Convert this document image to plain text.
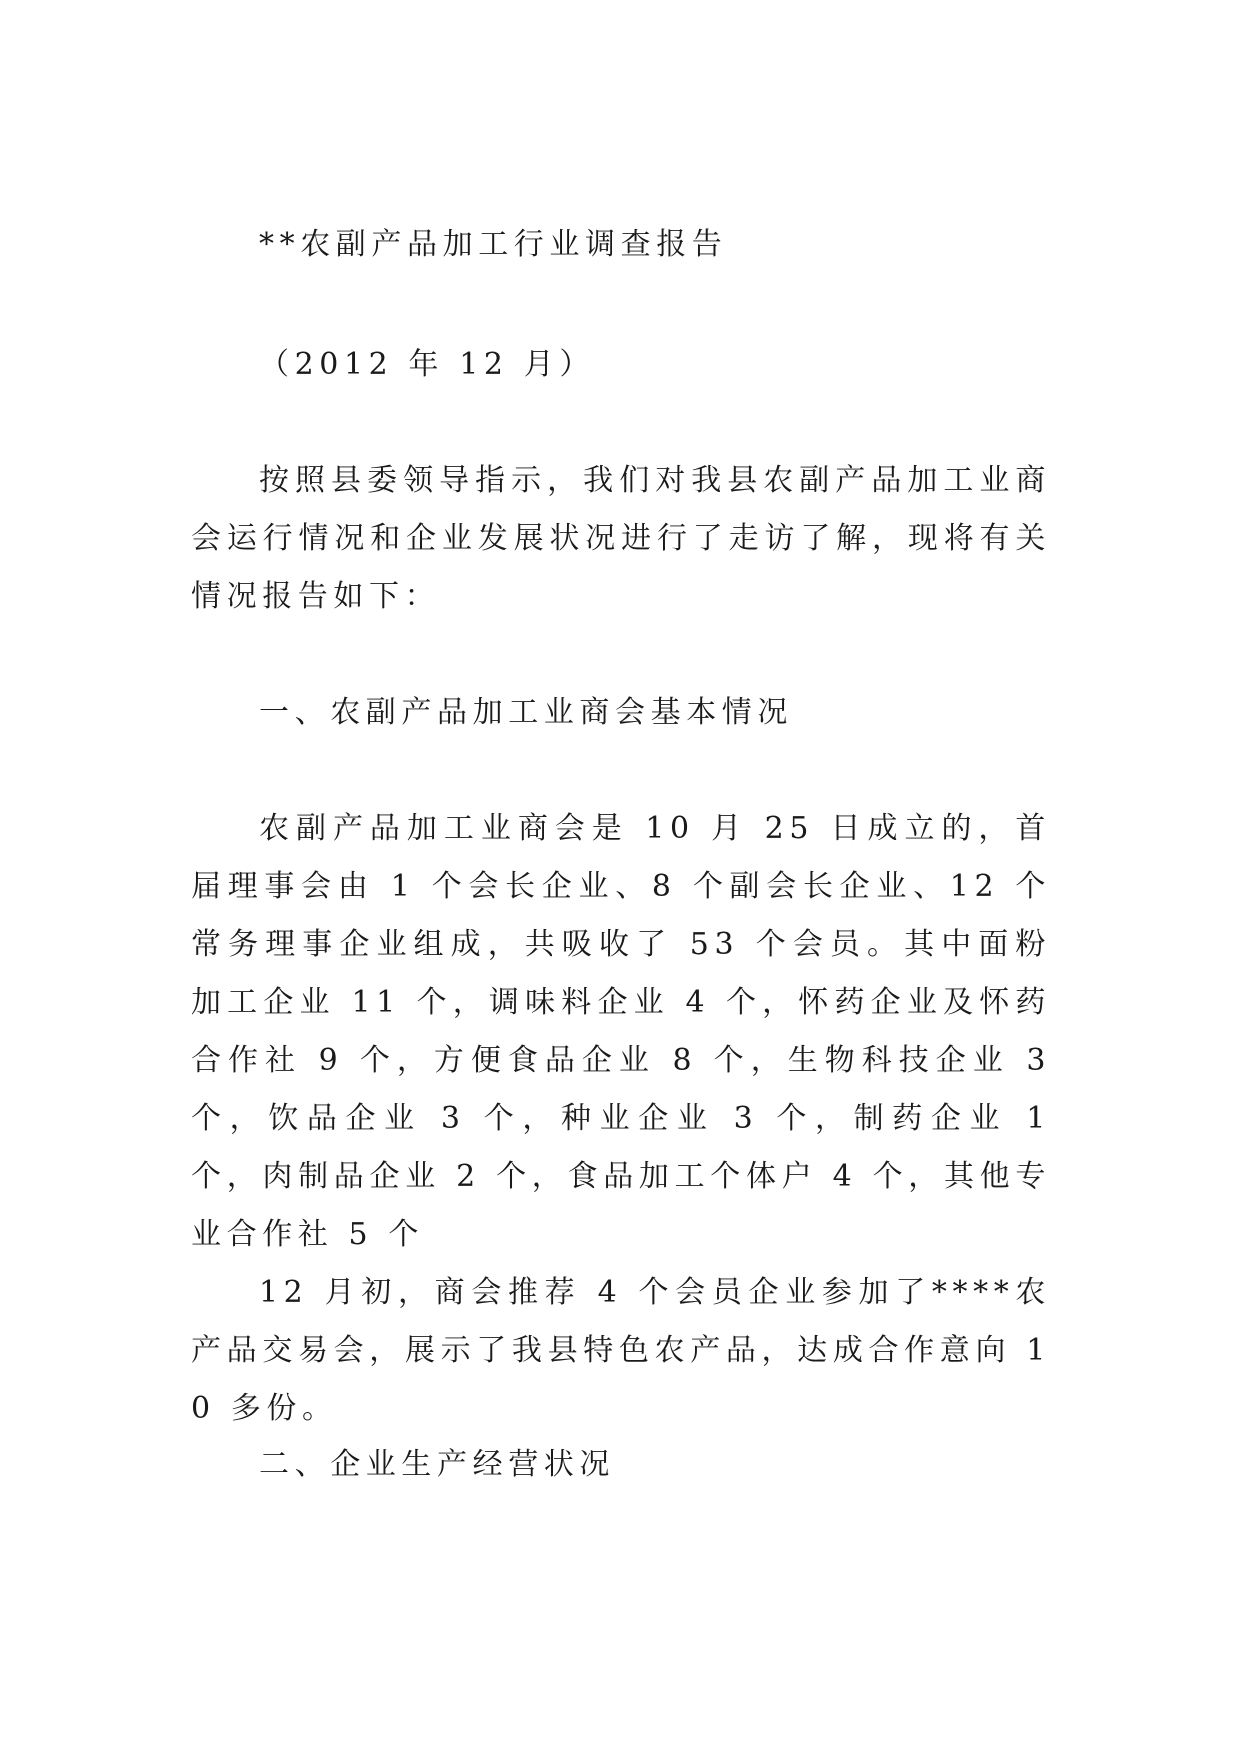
**农副产品加工行业调查报告

（2012 年 12 月）

按照县委领导指示，我们对我县农副产品加工业商会运行情况和企业发展状况进行了走访了解，现将有关情况报告如下：

一、农副产品加工业商会基本情况

农副产品加工业商会是 10 月 25 日成立的，首届理事会由 1 个会长企业、8 个副会长企业、12 个常务理事企业组成，共吸收了 53 个会员。其中面粉加工企业 11 个，调味料企业 4 个，怀药企业及怀药合作社 9 个，方便食品企业 8 个，生物科技企业 3 个，饮品企业 3 个，种业企业 3 个，制药企业 1 个，肉制品企业 2 个，食品加工个体户 4 个，其他专业合作社 5 个

12 月初，商会推荐 4 个会员企业参加了****农产品交易会，展示了我县特色农产品，达成合作意向 10 多份。

二、企业生产经营状况
